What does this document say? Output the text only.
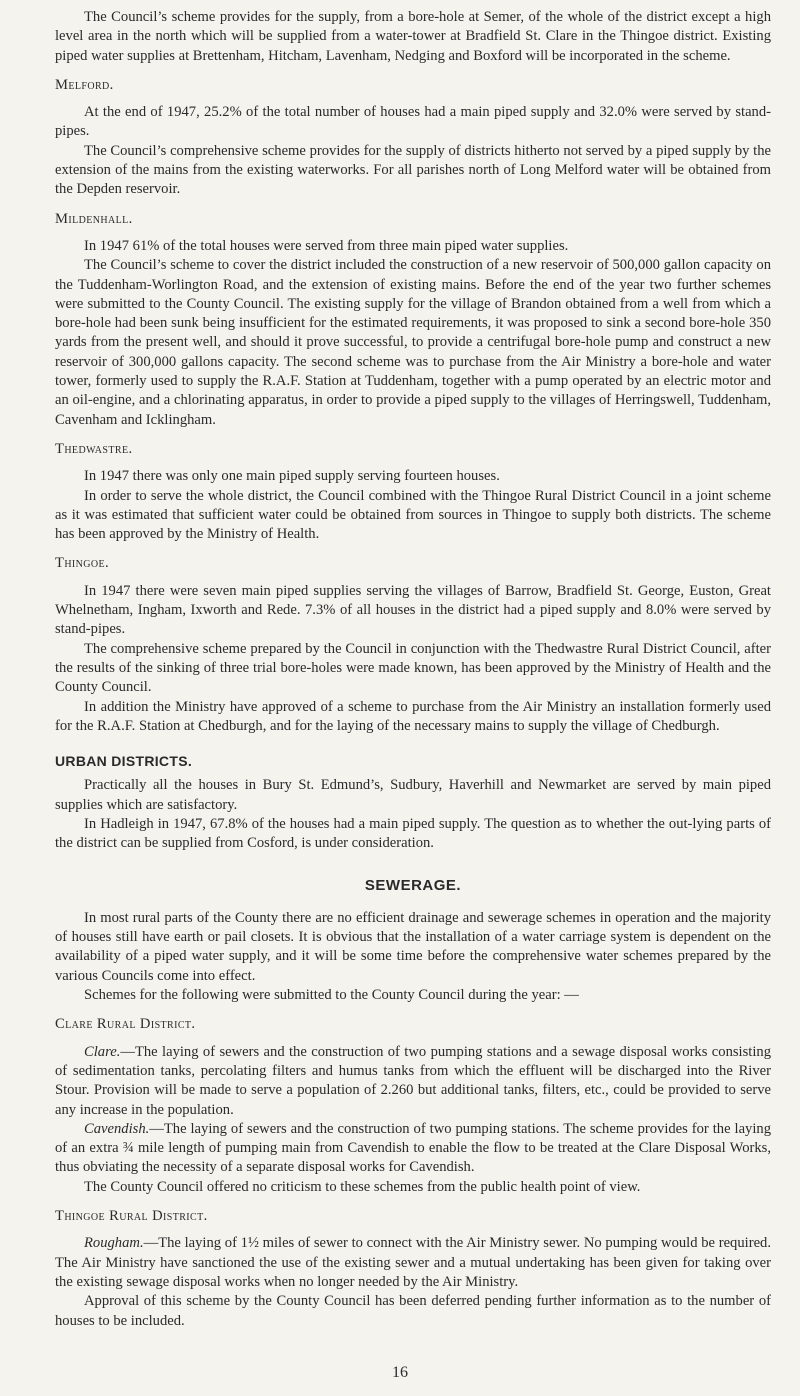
The Council’s scheme provides for the supply, from a bore-hole at Semer, of the whole of the district except a high level area in the north which will be supplied from a water-tower at Bradfield St. Clare in the Thingoe district. Existing piped water supplies at Brettenham, Hitcham, Lavenham, Nedging and Boxford will be incorporated in the scheme.

Melford.

At the end of 1947, 25.2% of the total number of houses had a main piped supply and 32.0% were served by stand-pipes.

The Council’s comprehensive scheme provides for the supply of districts hitherto not served by a piped supply by the extension of the mains from the existing waterworks. For all parishes north of Long Melford water will be obtained from the Depden reservoir.

Mildenhall.

In 1947 61% of the total houses were served from three main piped water supplies.

The Council’s scheme to cover the district included the construction of a new reservoir of 500,000 gallon capacity on the Tuddenham-Worlington Road, and the extension of existing mains. Before the end of the year two further schemes were submitted to the County Council. The existing supply for the village of Brandon obtained from a well from which a bore-hole had been sunk being insufficient for the estimated requirements, it was proposed to sink a second bore-hole 350 yards from the present well, and should it prove successful, to provide a centrifugal bore-hole pump and construct a new reservoir of 300,000 gallons capacity. The second scheme was to purchase from the Air Ministry a bore-hole and water tower, formerly used to supply the R.A.F. Station at Tuddenham, together with a pump operated by an electric motor and an oil-engine, and a chlorinating apparatus, in order to provide a piped supply to the villages of Herringswell, Tuddenham, Cavenham and Icklingham.

Thedwastre.

In 1947 there was only one main piped supply serving fourteen houses.

In order to serve the whole district, the Council combined with the Thingoe Rural District Council in a joint scheme as it was estimated that sufficient water could be obtained from sources in Thingoe to supply both districts. The scheme has been approved by the Ministry of Health.

Thingoe.

In 1947 there were seven main piped supplies serving the villages of Barrow, Bradfield St. George, Euston, Great Whelnetham, Ingham, Ixworth and Rede. 7.3% of all houses in the district had a piped supply and 8.0% were served by stand-pipes.

The comprehensive scheme prepared by the Council in conjunction with the Thedwastre Rural District Council, after the results of the sinking of three trial bore-holes were made known, has been approved by the Ministry of Health and the County Council.

In addition the Ministry have approved of a scheme to purchase from the Air Ministry an installation formerly used for the R.A.F. Station at Chedburgh, and for the laying of the necessary mains to supply the village of Chedburgh.

URBAN DISTRICTS.

Practically all the houses in Bury St. Edmund’s, Sudbury, Haverhill and Newmarket are served by main piped supplies which are satisfactory.

In Hadleigh in 1947, 67.8% of the houses had a main piped supply. The question as to whether the out-lying parts of the district can be supplied from Cosford, is under consideration.

SEWERAGE.

In most rural parts of the County there are no efficient drainage and sewerage schemes in operation and the majority of houses still have earth or pail closets. It is obvious that the installation of a water carriage system is dependent on the availability of a piped water supply, and it will be some time before the comprehensive water schemes prepared by the various Councils come into effect.

Schemes for the following were submitted to the County Council during the year: —

Clare Rural District.

Clare.—The laying of sewers and the construction of two pumping stations and a sewage disposal works consisting of sedimentation tanks, percolating filters and humus tanks from which the effluent will be discharged into the River Stour. Provision will be made to serve a population of 2.260 but additional tanks, filters, etc., could be provided to serve any increase in the population.

Cavendish.—The laying of sewers and the construction of two pumping stations. The scheme provides for the laying of an extra ¾ mile length of pumping main from Cavendish to enable the flow to be treated at the Clare Disposal Works, thus obviating the necessity of a separate disposal works for Cavendish.

The County Council offered no criticism to these schemes from the public health point of view.

Thingoe Rural District.

Rougham.—The laying of 1½ miles of sewer to connect with the Air Ministry sewer. No pumping would be required. The Air Ministry have sanctioned the use of the existing sewer and a mutual undertaking has been given for taking over the existing sewage disposal works when no longer needed by the Air Ministry.

Approval of this scheme by the County Council has been deferred pending further information as to the number of houses to be included.

16
